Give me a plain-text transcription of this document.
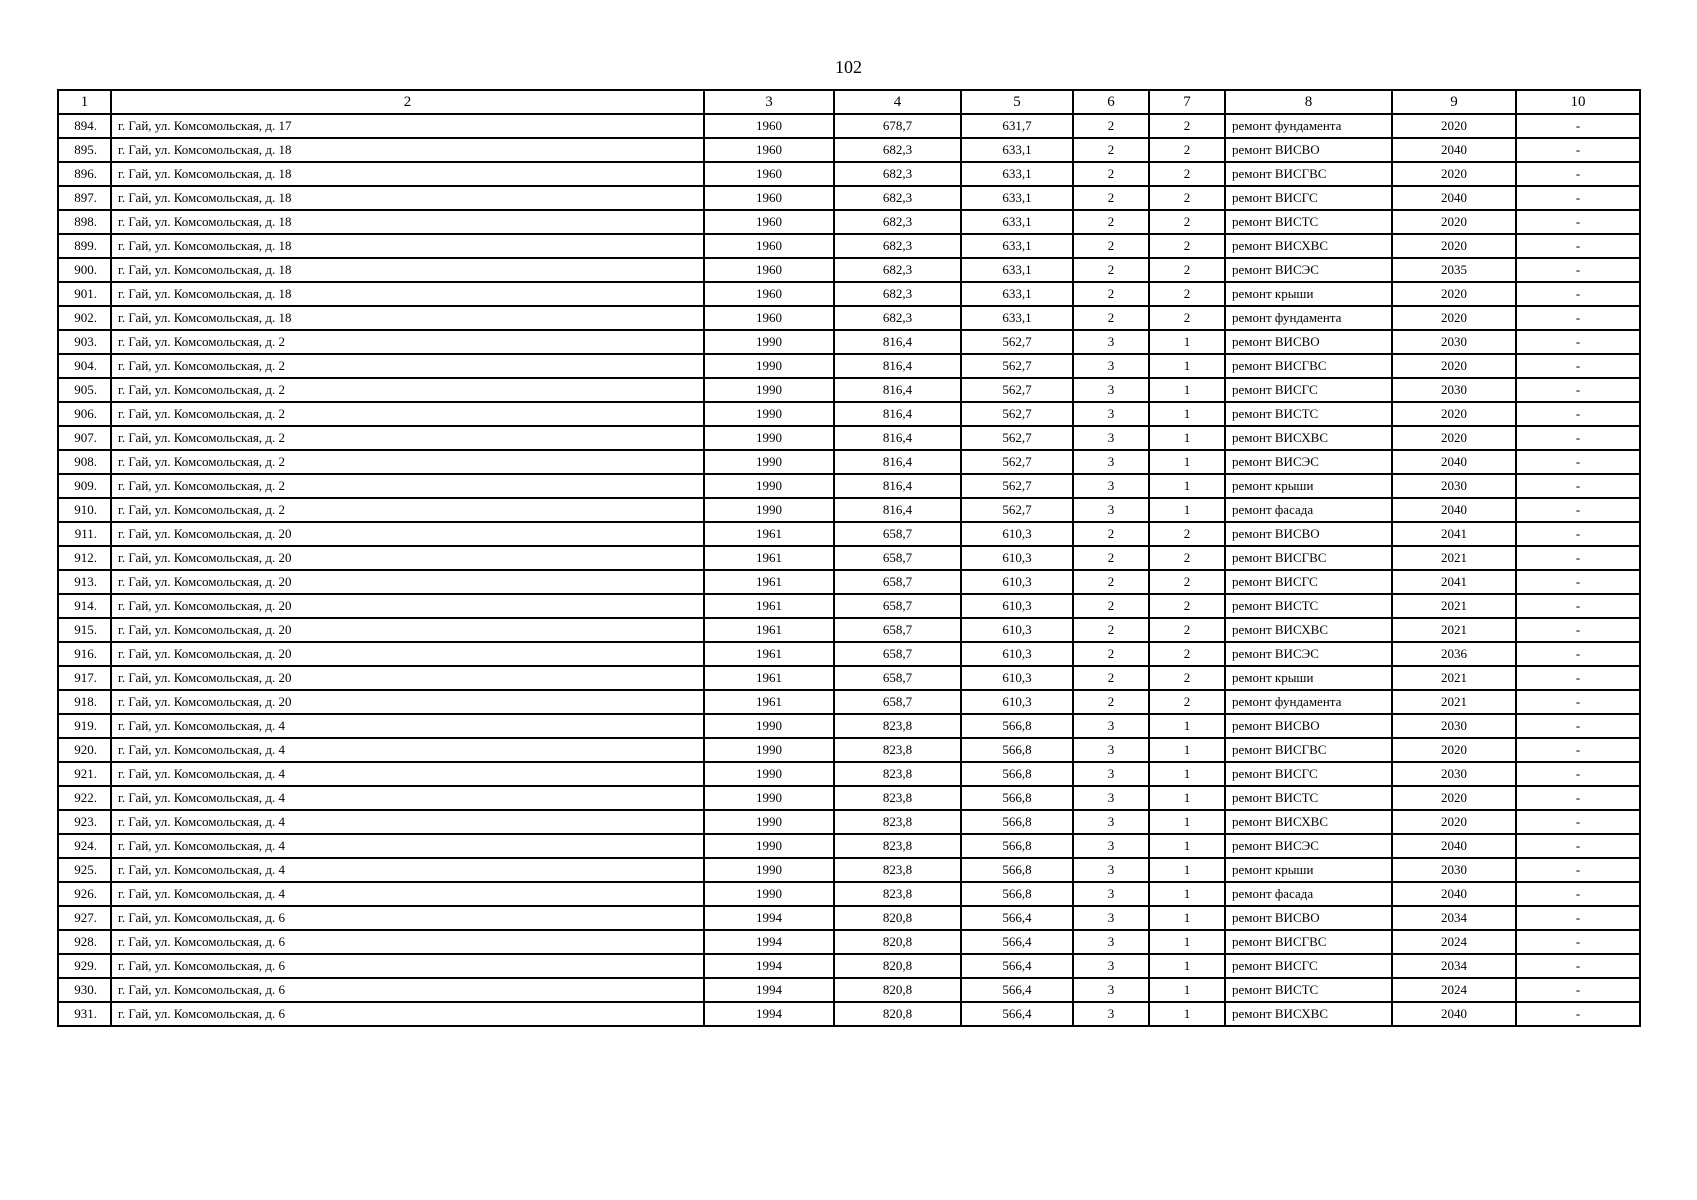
102
1	2	3	4	5	6	7	8	9	10
894.	г. Гай, ул. Комсомольская, д. 17	1960	678,7	631,7	2	2	ремонт фундамента	2020	-
895.	г. Гай, ул. Комсомольская, д. 18	1960	682,3	633,1	2	2	ремонт ВИСВО	2040	-
896.	г. Гай, ул. Комсомольская, д. 18	1960	682,3	633,1	2	2	ремонт ВИСГВС	2020	-
897.	г. Гай, ул. Комсомольская, д. 18	1960	682,3	633,1	2	2	ремонт ВИСГС	2040	-
898.	г. Гай, ул. Комсомольская, д. 18	1960	682,3	633,1	2	2	ремонт ВИСТС	2020	-
899.	г. Гай, ул. Комсомольская, д. 18	1960	682,3	633,1	2	2	ремонт ВИСХВС	2020	-
900.	г. Гай, ул. Комсомольская, д. 18	1960	682,3	633,1	2	2	ремонт ВИСЭС	2035	-
901.	г. Гай, ул. Комсомольская, д. 18	1960	682,3	633,1	2	2	ремонт крыши	2020	-
902.	г. Гай, ул. Комсомольская, д. 18	1960	682,3	633,1	2	2	ремонт фундамента	2020	-
903.	г. Гай, ул. Комсомольская, д. 2	1990	816,4	562,7	3	1	ремонт ВИСВО	2030	-
904.	г. Гай, ул. Комсомольская, д. 2	1990	816,4	562,7	3	1	ремонт ВИСГВС	2020	-
905.	г. Гай, ул. Комсомольская, д. 2	1990	816,4	562,7	3	1	ремонт ВИСГС	2030	-
906.	г. Гай, ул. Комсомольская, д. 2	1990	816,4	562,7	3	1	ремонт ВИСТС	2020	-
907.	г. Гай, ул. Комсомольская, д. 2	1990	816,4	562,7	3	1	ремонт ВИСХВС	2020	-
908.	г. Гай, ул. Комсомольская, д. 2	1990	816,4	562,7	3	1	ремонт ВИСЭС	2040	-
909.	г. Гай, ул. Комсомольская, д. 2	1990	816,4	562,7	3	1	ремонт крыши	2030	-
910.	г. Гай, ул. Комсомольская, д. 2	1990	816,4	562,7	3	1	ремонт фасада	2040	-
911.	г. Гай, ул. Комсомольская, д. 20	1961	658,7	610,3	2	2	ремонт ВИСВО	2041	-
912.	г. Гай, ул. Комсомольская, д. 20	1961	658,7	610,3	2	2	ремонт ВИСГВС	2021	-
913.	г. Гай, ул. Комсомольская, д. 20	1961	658,7	610,3	2	2	ремонт ВИСГС	2041	-
914.	г. Гай, ул. Комсомольская, д. 20	1961	658,7	610,3	2	2	ремонт ВИСТС	2021	-
915.	г. Гай, ул. Комсомольская, д. 20	1961	658,7	610,3	2	2	ремонт ВИСХВС	2021	-
916.	г. Гай, ул. Комсомольская, д. 20	1961	658,7	610,3	2	2	ремонт ВИСЭС	2036	-
917.	г. Гай, ул. Комсомольская, д. 20	1961	658,7	610,3	2	2	ремонт крыши	2021	-
918.	г. Гай, ул. Комсомольская, д. 20	1961	658,7	610,3	2	2	ремонт фундамента	2021	-
919.	г. Гай, ул. Комсомольская, д. 4	1990	823,8	566,8	3	1	ремонт ВИСВО	2030	-
920.	г. Гай, ул. Комсомольская, д. 4	1990	823,8	566,8	3	1	ремонт ВИСГВС	2020	-
921.	г. Гай, ул. Комсомольская, д. 4	1990	823,8	566,8	3	1	ремонт ВИСГС	2030	-
922.	г. Гай, ул. Комсомольская, д. 4	1990	823,8	566,8	3	1	ремонт ВИСТС	2020	-
923.	г. Гай, ул. Комсомольская, д. 4	1990	823,8	566,8	3	1	ремонт ВИСХВС	2020	-
924.	г. Гай, ул. Комсомольская, д. 4	1990	823,8	566,8	3	1	ремонт ВИСЭС	2040	-
925.	г. Гай, ул. Комсомольская, д. 4	1990	823,8	566,8	3	1	ремонт крыши	2030	-
926.	г. Гай, ул. Комсомольская, д. 4	1990	823,8	566,8	3	1	ремонт фасада	2040	-
927.	г. Гай, ул. Комсомольская, д. 6	1994	820,8	566,4	3	1	ремонт ВИСВО	2034	-
928.	г. Гай, ул. Комсомольская, д. 6	1994	820,8	566,4	3	1	ремонт ВИСГВС	2024	-
929.	г. Гай, ул. Комсомольская, д. 6	1994	820,8	566,4	3	1	ремонт ВИСГС	2034	-
930.	г. Гай, ул. Комсомольская, д. 6	1994	820,8	566,4	3	1	ремонт ВИСТС	2024	-
931.	г. Гай, ул. Комсомольская, д. 6	1994	820,8	566,4	3	1	ремонт ВИСХВС	2040	-
